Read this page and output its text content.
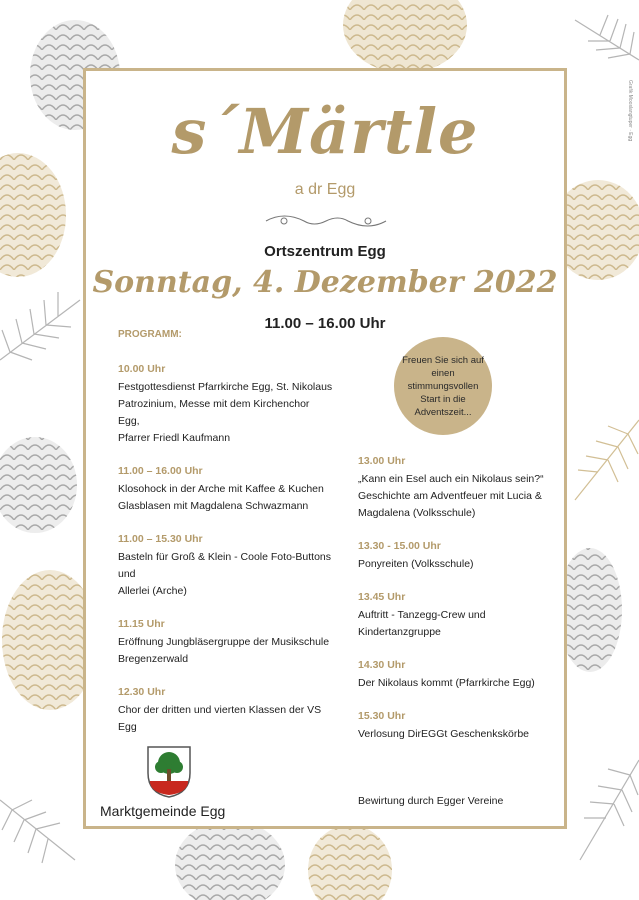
Grafik Mooslangtuper · Egg
s´Märtle
a dr Egg
Ortszentrum Egg
Sonntag, 4. Dezember 2022
11.00 – 16.00 Uhr
PROGRAMM:
Freuen Sie sich auf einen stimmungsvollen Start in die Adventszeit...
10.00 Uhr
Festgottesdienst Pfarrkirche Egg, St. Nikolaus
Patrozinium, Messe mit dem Kirchenchor Egg,
Pfarrer Friedl Kaufmann
11.00 – 16.00 Uhr
Klosohock in der Arche mit Kaffee & Kuchen
Glasblasen mit Magdalena Schwazmann
11.00 – 15.30 Uhr
Basteln für Groß & Klein - Coole Foto-Buttons und
Allerlei (Arche)
11.15 Uhr
Eröffnung Jungbläsergruppe der Musikschule
Bregenzerwald
12.30 Uhr
Chor der dritten und vierten Klassen der VS Egg
13.00 Uhr
„Kann ein Esel auch ein Nikolaus sein?“
Geschichte am Adventfeuer mit Lucia &
Magdalena (Volksschule)
13.30 - 15.00 Uhr
Ponyreiten (Volksschule)
13.45 Uhr
Auftritt - Tanzegg-Crew und
Kindertanzgruppe
14.30 Uhr
Der Nikolaus kommt (Pfarrkirche Egg)
15.30 Uhr
Verlosung DirEGGt Geschenkskörbe
Marktgemeinde Egg
Bewirtung durch Egger Vereine
